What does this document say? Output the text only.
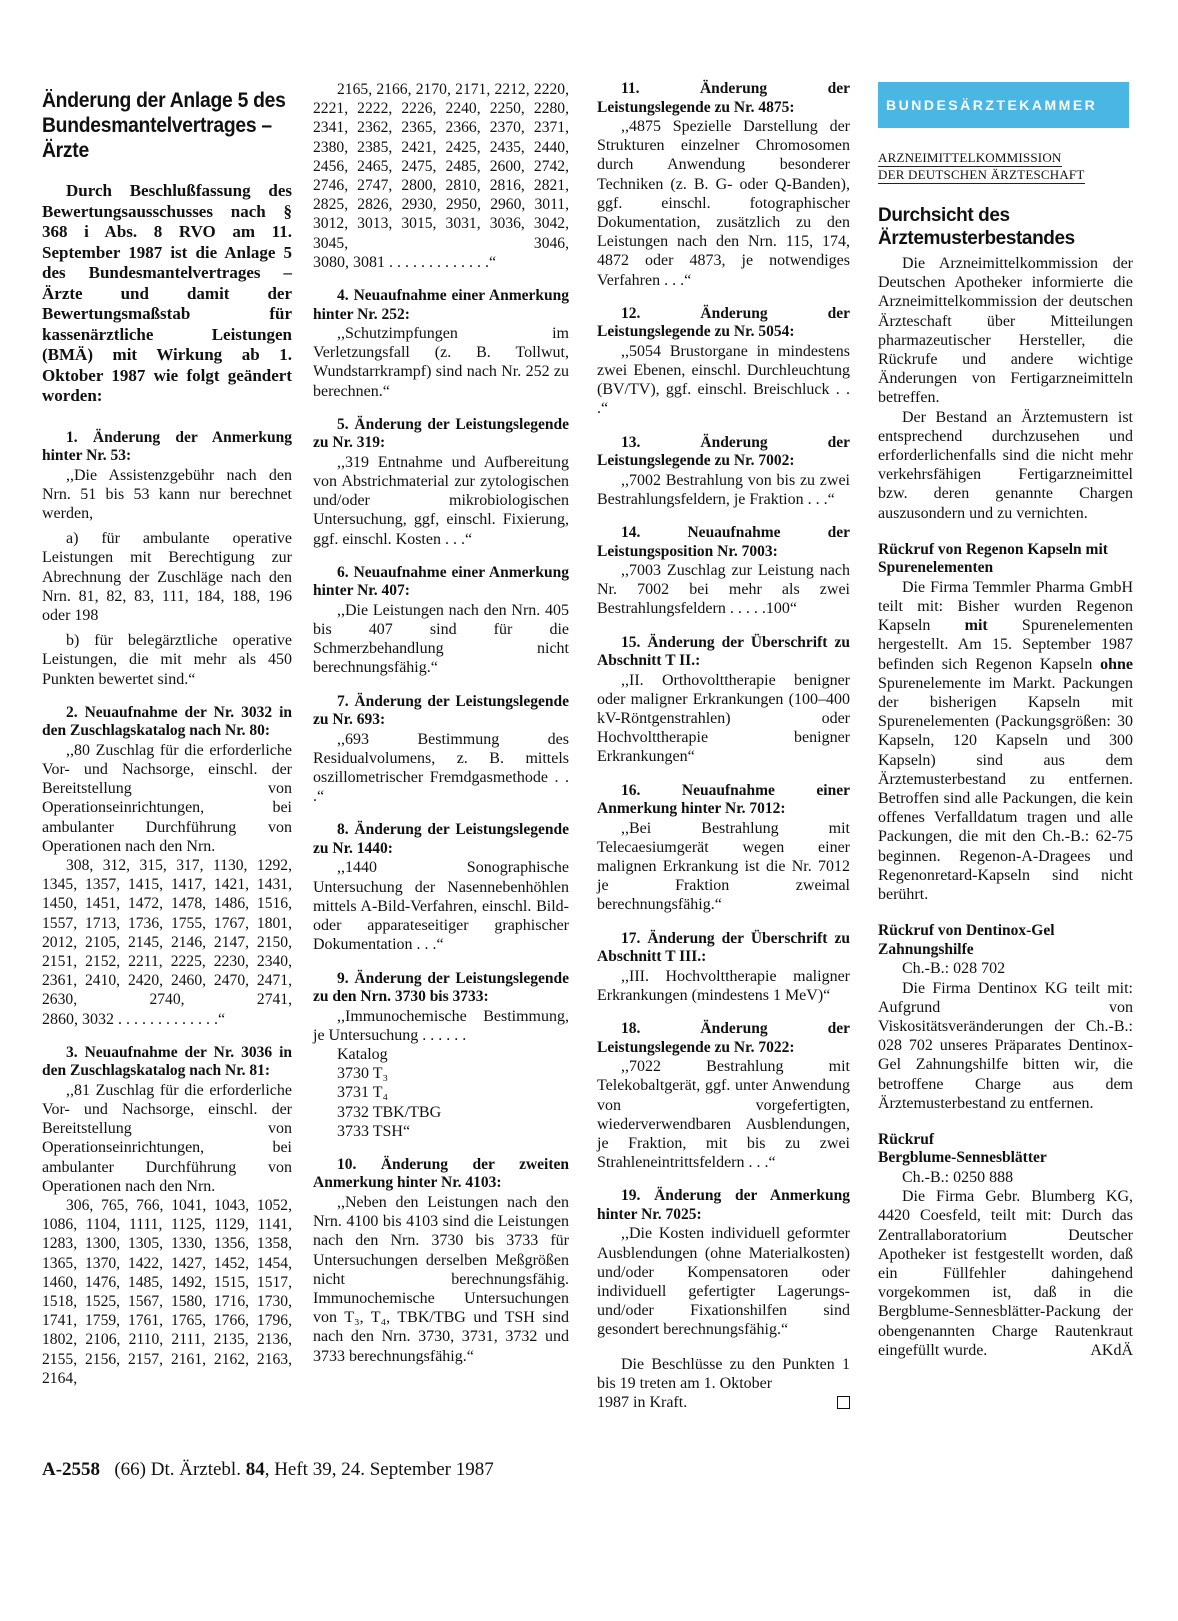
Änderung der Anlage 5 des Bundesmantelvertrages – Ärzte

Durch Beschlußfassung des Bewertungsausschusses nach § 368 i Abs. 8 RVO am 11. September 1987 ist die Anlage 5 des Bundesmantelvertrages – Ärzte und damit der Bewertungsmaßstab für kassenärztliche Leistungen (BMÄ) mit Wirkung ab 1. Oktober 1987 wie folgt geändert worden:

1. Änderung der Anmerkung hinter Nr. 53:

,,Die Assistenzgebühr nach den Nrn. 51 bis 53 kann nur berechnet werden,

a) für ambulante operative Leistungen mit Berechtigung zur Abrechnung der Zuschläge nach den Nrn. 81, 82, 83, 111, 184, 188, 196 oder 198

b) für belegärztliche operative Leistungen, die mit mehr als 450 Punkten bewertet sind.“

2. Neuaufnahme der Nr. 3032 in den Zuschlagskatalog nach Nr. 80:

,,80 Zuschlag für die erforderliche Vor- und Nachsorge, einschl. der Bereitstellung von Operationseinrichtungen, bei ambulanter Durchführung von Operationen nach den Nrn.

308, 312, 315, 317, 1130, 1292, 1345, 1357, 1415, 1417, 1421, 1431, 1450, 1451, 1472, 1478, 1486, 1516, 1557, 1713, 1736, 1755, 1767, 1801, 2012, 2105, 2145, 2146, 2147, 2150, 2151, 2152, 2211, 2225, 2230, 2340, 2361, 2410, 2420, 2460, 2470, 2471, 2630, 2740, 2741,

2860, 3032 . . . . . . . . . . . . .“

3. Neuaufnahme der Nr. 3036 in den Zuschlagskatalog nach Nr. 81:

,,81 Zuschlag für die erforderliche Vor- und Nachsorge, einschl. der Bereitstellung von Operationseinrichtungen, bei ambulanter Durchführung von Operationen nach den Nrn.

306, 765, 766, 1041, 1043, 1052, 1086, 1104, 1111, 1125, 1129, 1141, 1283, 1300, 1305, 1330, 1356, 1358, 1365, 1370, 1422, 1427, 1452, 1454, 1460, 1476, 1485, 1492, 1515, 1517, 1518, 1525, 1567, 1580, 1716, 1730, 1741, 1759, 1761, 1765, 1766, 1796, 1802, 2106, 2110, 2111, 2135, 2136, 2155, 2156, 2157, 2161, 2162, 2163, 2164,

2165, 2166, 2170, 2171, 2212, 2220, 2221, 2222, 2226, 2240, 2250, 2280, 2341, 2362, 2365, 2366, 2370, 2371, 2380, 2385, 2421, 2425, 2435, 2440, 2456, 2465, 2475, 2485, 2600, 2742, 2746, 2747, 2800, 2810, 2816, 2821, 2825, 2826, 2930, 2950, 2960, 3011, 3012, 3013, 3015, 3031, 3036, 3042, 3045, 3046,

3080, 3081 . . . . . . . . . . . . .“

4. Neuaufnahme einer Anmerkung hinter Nr. 252:

,,Schutzimpfungen im Verletzungsfall (z. B. Tollwut, Wundstarrkrampf) sind nach Nr. 252 zu berechnen.“

5. Änderung der Leistungslegende zu Nr. 319:

,,319 Entnahme und Aufbereitung von Abstrichmaterial zur zytologischen und/oder mikrobiologischen Untersuchung, ggf, einschl. Fixierung, ggf. einschl. Kosten . . .“

6. Neuaufnahme einer Anmerkung hinter Nr. 407:

,,Die Leistungen nach den Nrn. 405 bis 407 sind für die Schmerzbehandlung nicht berechnungsfähig.“

7. Änderung der Leistungslegende zu Nr. 693:

,,693 Bestimmung des Residualvolumens, z. B. mittels oszillometrischer Fremdgasmethode . . .“

8. Änderung der Leistungslegende zu Nr. 1440:

,,1440 Sonographische Untersuchung der Nasennebenhöhlen mittels A-Bild-Verfahren, einschl. Bild- oder apparateseitiger graphischer Dokumentation . . .“

9. Änderung der Leistungslegende zu den Nrn. 3730 bis 3733:

,,Immunochemische Bestimmung, je Untersuchung . . . . . .

Katalog
3730 T₃
3731 T₄
3732 TBK/TBG
3733 TSH“
10. Änderung der zweiten Anmerkung hinter Nr. 4103:

,,Neben den Leistungen nach den Nrn. 4100 bis 4103 sind die Leistungen nach den Nrn. 3730 bis 3733 für Untersuchungen derselben Meßgrößen nicht berechnungsfähig. Immunochemische Untersuchungen von T₃, T₄, TBK/TBG und TSH sind nach den Nrn. 3730, 3731, 3732 und 3733 berechnungsfähig.“

11. Änderung der Leistungslegende zu Nr. 4875:

,,4875 Spezielle Darstellung der Strukturen einzelner Chromosomen durch Anwendung besonderer Techniken (z. B. G- oder Q-Banden), ggf. einschl. fotographischer Dokumentation, zusätzlich zu den Leistungen nach den Nrn. 115, 174, 4872 oder 4873, je notwendiges Verfahren . . .“

12. Änderung der Leistungslegende zu Nr. 5054:

,,5054 Brustorgane in mindestens zwei Ebenen, einschl. Durchleuchtung (BV/TV), ggf. einschl. Breischluck . . .“

13. Änderung der Leistungslegende zu Nr. 7002:

,,7002 Bestrahlung von bis zu zwei Bestrahlungsfeldern, je Fraktion . . .“

14. Neuaufnahme der Leistungsposition Nr. 7003:

,,7003 Zuschlag zur Leistung nach Nr. 7002 bei mehr als zwei Bestrahlungsfeldern . . . . .100“

15. Änderung der Überschrift zu Abschnitt T II.:

,,II. Orthovolttherapie benigner oder maligner Erkrankungen (100–400 kV-Röntgenstrahlen) oder Hochvolttherapie benigner Erkrankungen“

16. Neuaufnahme einer Anmerkung hinter Nr. 7012:

,,Bei Bestrahlung mit Telecaesiumgerät wegen einer malignen Erkrankung ist die Nr. 7012 je Fraktion zweimal berechnungsfähig.“

17. Änderung der Überschrift zu Abschnitt T III.:

,,III. Hochvolttherapie maligner Erkrankungen (mindestens 1 MeV)“

18. Änderung der Leistungslegende zu Nr. 7022:

,,7022 Bestrahlung mit Telekobaltgerät, ggf. unter Anwendung von vorgefertigten, wiederverwendbaren Ausblendungen, je Fraktion, mit bis zu zwei Strahleneintrittsfeldern . . .“

19. Änderung der Anmerkung hinter Nr. 7025:

,,Die Kosten individuell geformter Ausblendungen (ohne Materialkosten) und/oder Kompensatoren oder individuell gefertigter Lagerungs- und/oder Fixationshilfen sind gesondert berechnungsfähig.“

Die Beschlüsse zu den Punkten 1 bis 19 treten am 1. Oktober

1987 in Kraft.
BUNDESÄRZTEKAMMER
ARZNEIMITTELKOMMISSION
DER DEUTSCHEN ÄRZTESCHAFT
Durchsicht des Ärztemusterbestandes

Die Arzneimittelkommission der Deutschen Apotheker informierte die Arzneimittelkommission der deutschen Ärzteschaft über Mitteilungen pharmazeutischer Hersteller, die Rückrufe und andere wichtige Änderungen von Fertigarzneimitteln betreffen.

Der Bestand an Ärztemustern ist entsprechend durchzusehen und erforderlichenfalls sind die nicht mehr verkehrsfähigen Fertigarzneimittel bzw. deren genannte Chargen auszusondern und zu vernichten.

Rückruf von Regenon Kapseln mit Spurenelementen

Die Firma Temmler Pharma GmbH teilt mit: Bisher wurden Regenon Kapseln mit Spurenelementen hergestellt. Am 15. September 1987 befinden sich Regenon Kapseln ohne Spurenelemente im Markt. Packungen der bisherigen Kapseln mit Spurenelementen (Packungsgrößen: 30 Kapseln, 120 Kapseln und 300 Kapseln) sind aus dem Ärztemusterbestand zu entfernen. Betroffen sind alle Packungen, die kein offenes Verfalldatum tragen und alle Packungen, die mit den Ch.-B.: 62-75 beginnen. Regenon-A-Dragees und Regenonretard-Kapseln sind nicht berührt.

Rückruf von Dentinox-Gel Zahnungshilfe

Ch.-B.: 028 702

Die Firma Dentinox KG teilt mit: Aufgrund von Viskositätsveränderungen der Ch.-B.: 028 702 unseres Präparates Dentinox-Gel Zahnungshilfe bitten wir, die betroffene Charge aus dem Ärztemusterbestand zu entfernen.

Rückruf
Bergblume-Sennesblätter

Ch.-B.: 0250 888

Die Firma Gebr. Blumberg KG, 4420 Coesfeld, teilt mit: Durch das Zentrallaboratorium Deutscher Apotheker ist festgestellt worden, daß ein Füllfehler dahingehend vorgekommen ist, daß in die Bergblume-Sennesblätter-Packung der obengenannten Charge Rautenkraut eingefüllt wurde.	AKdÄ
A-2558 (66) Dt. Ärztebl. 84, Heft 39, 24. September 1987
